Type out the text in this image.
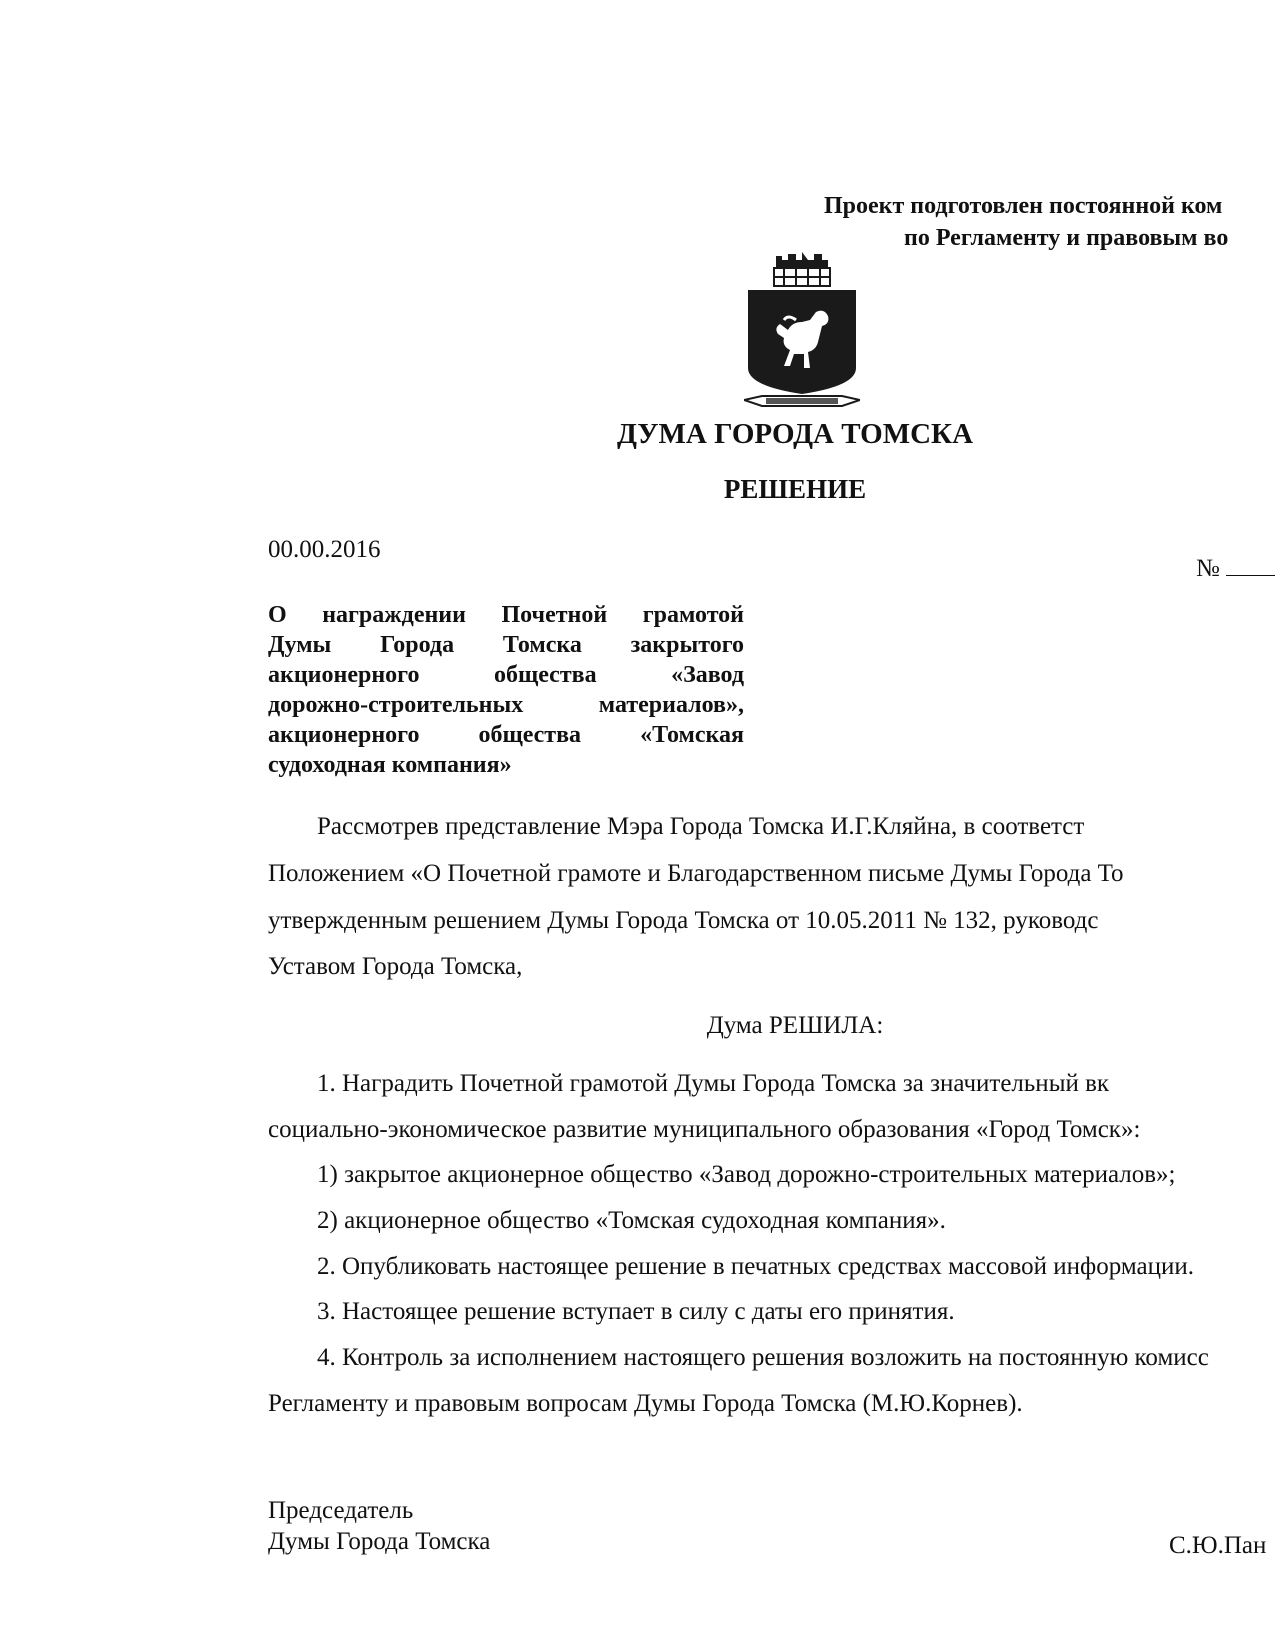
Проект подготовлен постоянной ком
по Регламенту и правовым во
ДУМА ГОРОДА ТОМСКА
РЕШЕНИЕ
00.00.2016
№
О награждении Почетной грамотой
Думы Города Томска закрытого
акционерного общества «Завод
дорожно-строительных материалов»,
акционерного общества «Томская
судоходная компания»
Рассмотрев представление Мэра Города Томска И.Г.Кляйна, в соответст
Положением «О Почетной грамоте и Благодарственном письме Думы Города То
утвержденным решением Думы Города Томска от 10.05.2011 № 132, руководс
Уставом Города Томска,
Дума РЕШИЛА:
1. Наградить Почетной грамотой Думы Города Томска за значительный вк
социально-экономическое развитие муниципального образования «Город Томск»:
1) закрытое акционерное общество «Завод дорожно-строительных материалов»;
2) акционерное общество «Томская судоходная компания».
2. Опубликовать настоящее решение в печатных средствах массовой информации.
3. Настоящее решение вступает в силу с даты его принятия.
4. Контроль за исполнением настоящего решения возложить на постоянную комисс
Регламенту и правовым вопросам Думы Города Томска (М.Ю.Корнев).
Председатель
Думы Города Томска	С.Ю.Пан
